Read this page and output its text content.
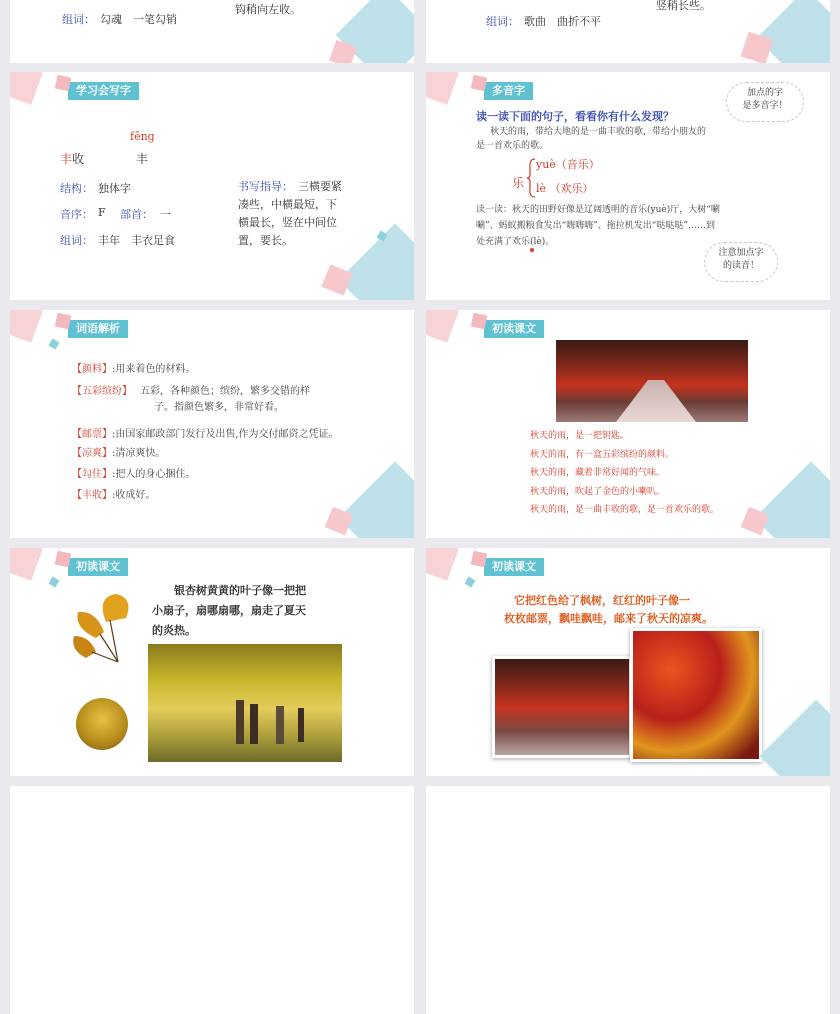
组词： 勾魂　一笔勾销
钩稍向左收。	竖稍长些。
组词： 歌曲　曲折不平
学习会写字
fēng
丰收	丰
结构： 独体字
音序： F 部首： 一
组词： 丰年　丰衣足食
书写指导： 三横要紧
凑些，中横最短，下
横最长，竖在中间位
置，要长。
多音字	加点的字
是多音字！
读一读下面的句子，看看你有什么发现？
秋天的雨，带给大地的是一曲丰收的歌，带给小朋友的
是一首欢乐的歌。
乐
yuè（音乐）
lè （欢乐）
读一读：秋天的田野好像是辽阔透明的音乐(yuè)厅，大树“唰
唰”、蚂蚁搬粮食发出“嗨嗨嗨”、拖拉机发出“哒哒哒”……到
处充满了欢乐(lè)。
注意加点字
的读音！
词语解析
【颜料】:用来着色的材料。
【五彩缤纷】 五彩，各种颜色；缤纷，繁多交错的样
子。指颜色繁多，非常好看。
【邮票】:由国家邮政部门发行及出售,作为交付邮资之凭证。
【凉爽】:清凉爽快。
【勾住】:把人的身心捆住。
【丰收】:收成好。
初读课文
秋天的雨，是一把钥匙。
秋天的雨，有一盒五彩缤纷的颜料。
秋天的雨，藏着非常好闻的气味。
秋天的雨，吹起了金色的小喇叭。
秋天的雨，是一曲丰收的歌，是一首欢乐的歌。
初读课文
银杏树黄黄的叶子像一把把
小扇子，扇哪扇哪，扇走了夏天
的炎热。
初读课文
它把红色给了枫树，红红的叶子像一
枚枚邮票，飘哇飘哇，邮来了秋天的凉爽。
